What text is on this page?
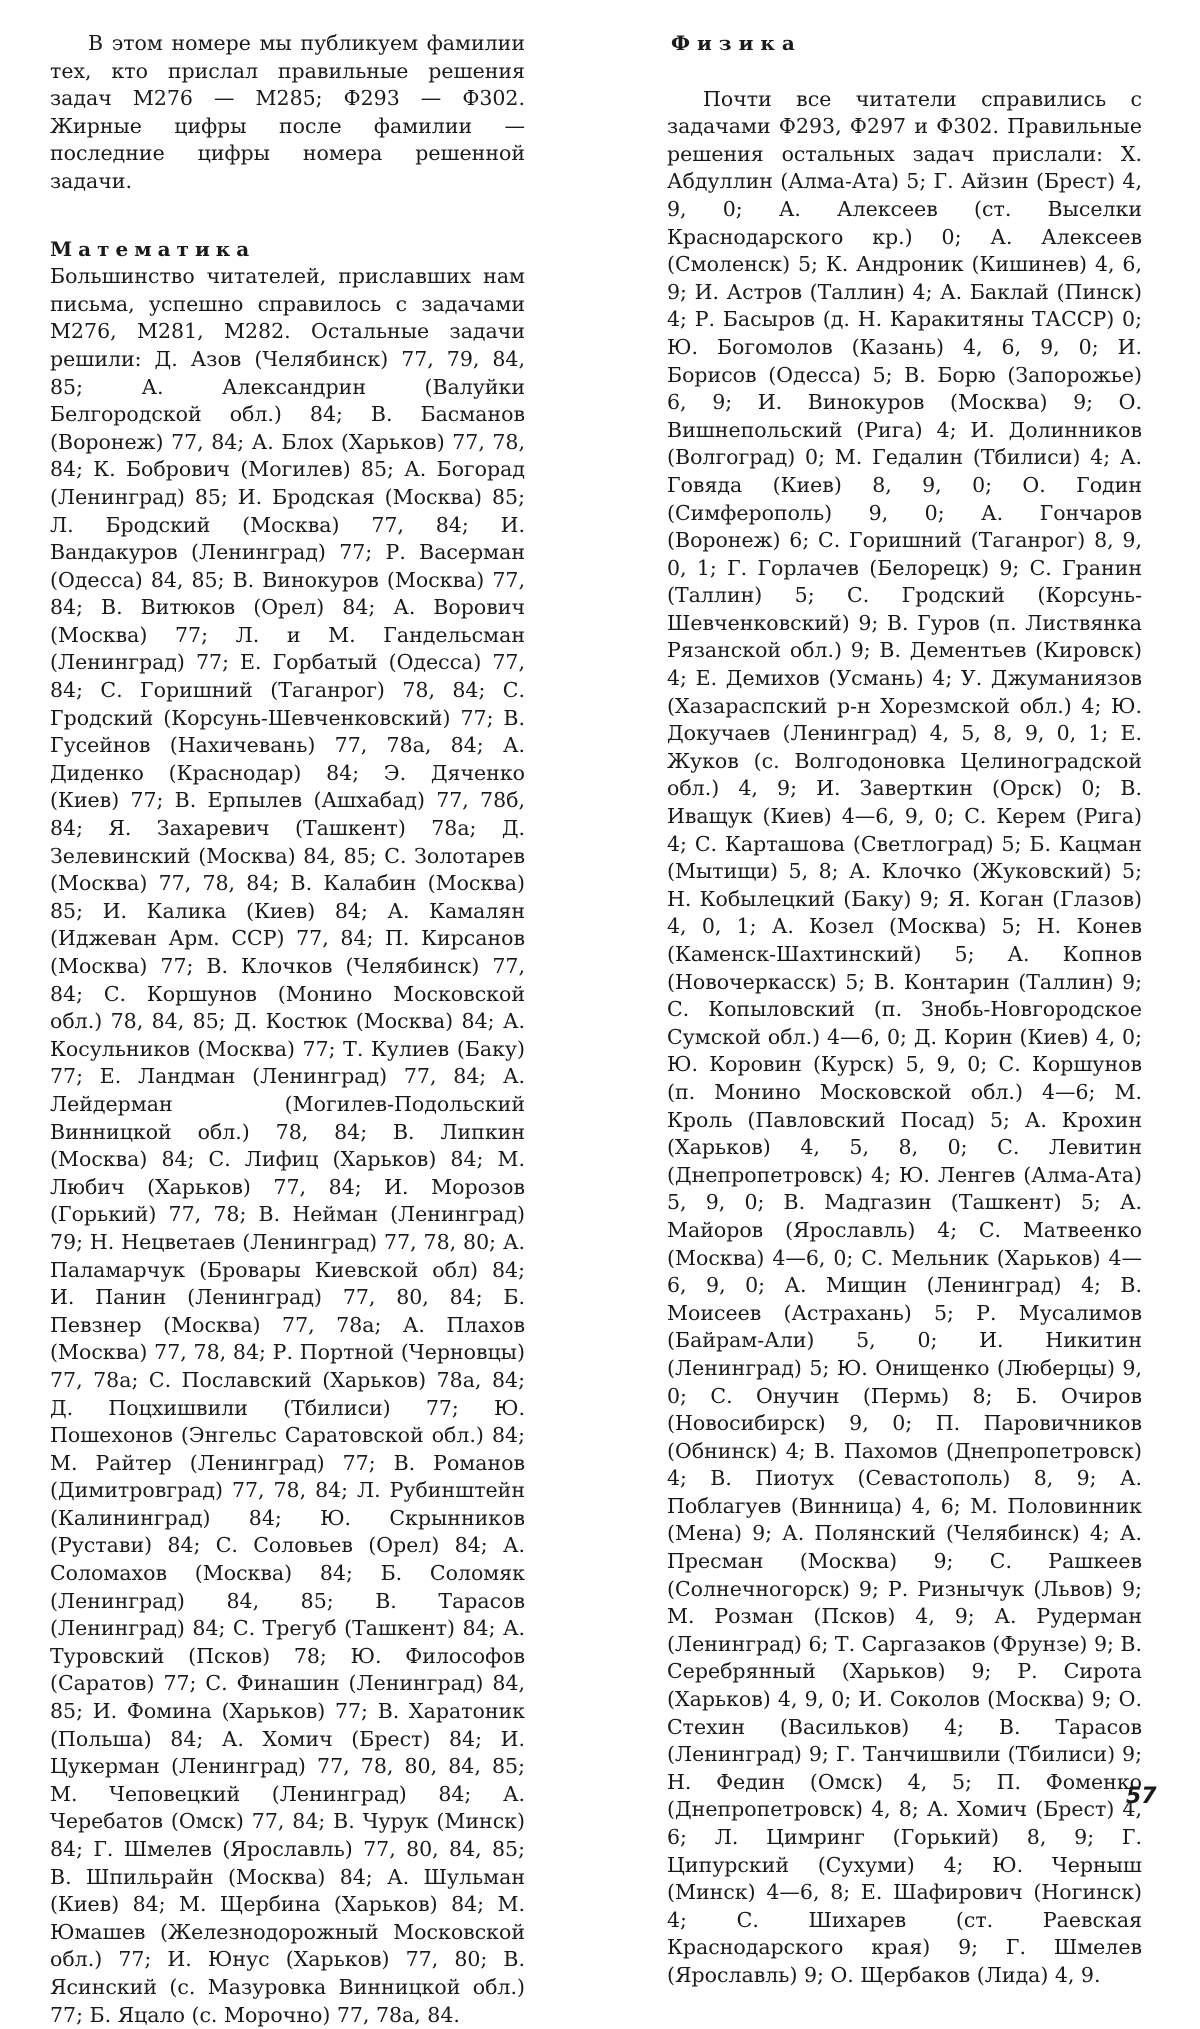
В этом номере мы публикуем фамилии тех, кто прислал правильные решения задач М276 — М285; Ф293 — Ф302. Жирные цифры после фамилии — последние цифры номера решенной задачи.

Математика

Большинство читателей, приславших нам письма, успешно справилось с задачами М276, М281, М282. Остальные задачи решили: Д. Азов (Челябинск) 77, 79, 84, 85; А. Александрин (Валуйки Белгородской обл.) 84; В. Басманов (Воронеж) 77, 84; А. Блох (Харьков) 77, 78, 84; К. Бобрович (Могилев) 85; А. Богорад (Ленинград) 85; И. Бродская (Москва) 85; Л. Бродский (Москва) 77, 84; И. Вандакуров (Ленинград) 77; Р. Васерман (Одесса) 84, 85; В. Винокуров (Москва) 77, 84; В. Витюков (Орел) 84; А. Ворович (Москва) 77; Л. и М. Гандельсман (Ленинград) 77; Е. Горбатый (Одесса) 77, 84; С. Горишний (Таганрог) 78, 84; С. Гродский (Корсунь-Шевченковский) 77; В. Гусейнов (Нахичевань) 77, 78а, 84; А. Диденко (Краснодар) 84; Э. Дяченко (Киев) 77; В. Ерпылев (Ашхабад) 77, 78б, 84; Я. Захаревич (Ташкент) 78а; Д. Зелевинский (Москва) 84, 85; С. Золотарев (Москва) 77, 78, 84; В. Калабин (Москва) 85; И. Калика (Киев) 84; А. Камалян (Иджеван Арм. ССР) 77, 84; П. Кирсанов (Москва) 77; В. Клочков (Челябинск) 77, 84; С. Коршунов (Монино Московской обл.) 78, 84, 85; Д. Костюк (Москва) 84; А. Косульников (Москва) 77; Т. Кулиев (Баку) 77; Е. Ландман (Ленинград) 77, 84; А. Лейдерман (Могилев-Подольский Винницкой обл.) 78, 84; В. Липкин (Москва) 84; С. Лифиц (Харьков) 84; М. Любич (Харьков) 77, 84; И. Морозов (Горький) 77, 78; В. Нейман (Ленинград) 79; Н. Нецветаев (Ленинград) 77, 78, 80; А. Паламарчук (Бровары Киевской обл) 84; И. Панин (Ленинград) 77, 80, 84; Б. Певзнер (Москва) 77, 78а; А. Плахов (Москва) 77, 78, 84; Р. Портной (Черновцы) 77, 78а; С. Пославский (Харьков) 78а, 84; Д. Поцхишвили (Тбилиси) 77; Ю. Пошехонов (Энгельс Саратовской обл.) 84; М. Райтер (Ленинград) 77; В. Романов (Димитровград) 77, 78, 84; Л. Рубинштейн (Калининград) 84; Ю. Скрынников (Рустави) 84; С. Соловьев (Орел) 84; А. Соломахов (Москва) 84; Б. Соломяк (Ленинград) 84, 85; В. Тарасов (Ленинград) 84; С. Трегуб (Ташкент) 84; А. Туровский (Псков) 78; Ю. Философов (Саратов) 77; С. Финашин (Ленинград) 84, 85; И. Фомина (Харьков) 77; В. Харатоник (Польша) 84; А. Хомич (Брест) 84; И. Цукерман (Ленинград) 77, 78, 80, 84, 85; М. Чеповецкий (Ленинград) 84; А. Черебатов (Омск) 77, 84; В. Чурук (Минск) 84; Г. Шмелев (Ярославль) 77, 80, 84, 85; В. Шпильрайн (Москва) 84; А. Шульман (Киев) 84; М. Щербина (Харьков) 84; М. Юмашев (Железнодорожный Московской обл.) 77; И. Юнус (Харьков) 77, 80; В. Ясинский (с. Мазуровка Винницкой обл.) 77; Б. Яцало (с. Морочно) 77, 78а, 84.

Физика

Почти все читатели справились с задачами Ф293, Ф297 и Ф302. Правильные решения остальных задач прислали: Х. Абдуллин (Алма-Ата) 5; Г. Айзин (Брест) 4, 9, 0; А. Алексеев (ст. Выселки Краснодарского кр.) 0; А. Алексеев (Смоленск) 5; К. Андроник (Кишинев) 4, 6, 9; И. Астров (Таллин) 4; А. Баклай (Пинск) 4; Р. Басыров (д. Н. Каракитяны ТАССР) 0; Ю. Богомолов (Казань) 4, 6, 9, 0; И. Борисов (Одесса) 5; В. Борю (Запорожье) 6, 9; И. Винокуров (Москва) 9; О. Вишнепольский (Рига) 4; И. Долинников (Волгоград) 0; М. Гедалин (Тбилиси) 4; А. Говяда (Киев) 8, 9, 0; О. Годин (Симферополь) 9, 0; А. Гончаров (Воронеж) 6; С. Горишний (Таганрог) 8, 9, 0, 1; Г. Горлачев (Белорецк) 9; С. Гранин (Таллин) 5; С. Гродский (Корсунь-Шевченковский) 9; В. Гуров (п. Листвянка Рязанской обл.) 9; В. Дементьев (Кировск) 4; Е. Демихов (Усмань) 4; У. Джуманиязов (Хазараспский р-н Хорезмской обл.) 4; Ю. Докучаев (Ленинград) 4, 5, 8, 9, 0, 1; Е. Жуков (с. Волгодоновка Целиноградской обл.) 4, 9; И. Заверткин (Орск) 0; В. Иващук (Киев) 4—6, 9, 0; С. Керем (Рига) 4; С. Карташова (Светлоград) 5; Б. Кацман (Мытищи) 5, 8; А. Клочко (Жуковский) 5; Н. Кобылецкий (Баку) 9; Я. Коган (Глазов) 4, 0, 1; А. Козел (Москва) 5; Н. Конев (Каменск-Шахтинский) 5; А. Копнов (Новочеркасск) 5; В. Контарин (Таллин) 9; С. Копыловский (п. Знобь-Новгородское Сумской обл.) 4—6, 0; Д. Корин (Киев) 4, 0; Ю. Коровин (Курск) 5, 9, 0; С. Коршунов (п. Монино Московской обл.) 4—6; М. Кроль (Павловский Посад) 5; А. Крохин (Харьков) 4, 5, 8, 0; С. Левитин (Днепропетровск) 4; Ю. Ленгев (Алма-Ата) 5, 9, 0; В. Мадгазин (Ташкент) 5; А. Майоров (Ярославль) 4; С. Матвеенко (Москва) 4—6, 0; С. Мельник (Харьков) 4—6, 9, 0; А. Мищин (Ленинград) 4; В. Моисеев (Астрахань) 5; Р. Мусалимов (Байрам-Али) 5, 0; И. Никитин (Ленинград) 5; Ю. Онищенко (Люберцы) 9, 0; С. Онучин (Пермь) 8; Б. Очиров (Новосибирск) 9, 0; П. Паровичников (Обнинск) 4; В. Пахомов (Днепропетровск) 4; В. Пиотух (Севастополь) 8, 9; А. Поблагуев (Винница) 4, 6; М. Половинник (Мена) 9; А. Полянский (Челябинск) 4; А. Пресман (Москва) 9; С. Рашкеев (Солнечногорск) 9; Р. Ризнычук (Львов) 9; М. Розман (Псков) 4, 9; А. Рудерман (Ленинград) 6; Т. Саргазаков (Фрунзе) 9; В. Серебрянный (Харьков) 9; Р. Сирота (Харьков) 4, 9, 0; И. Соколов (Москва) 9; О. Стехин (Васильков) 4; В. Тарасов (Ленинград) 9; Г. Танчишвили (Тбилиси) 9; Н. Федин (Омск) 4, 5; П. Фоменко (Днепропетровск) 4, 8; А. Хомич (Брест) 4, 6; Л. Цимринг (Горький) 8, 9; Г. Ципурский (Сухуми) 4; Ю. Черныш (Минск) 4—6, 8; Е. Шафирович (Ногинск) 4; С. Шихарев (ст. Раевская Краснодарского края) 9; Г. Шмелев (Ярославль) 9; О. Щербаков (Лида) 4, 9.

57
